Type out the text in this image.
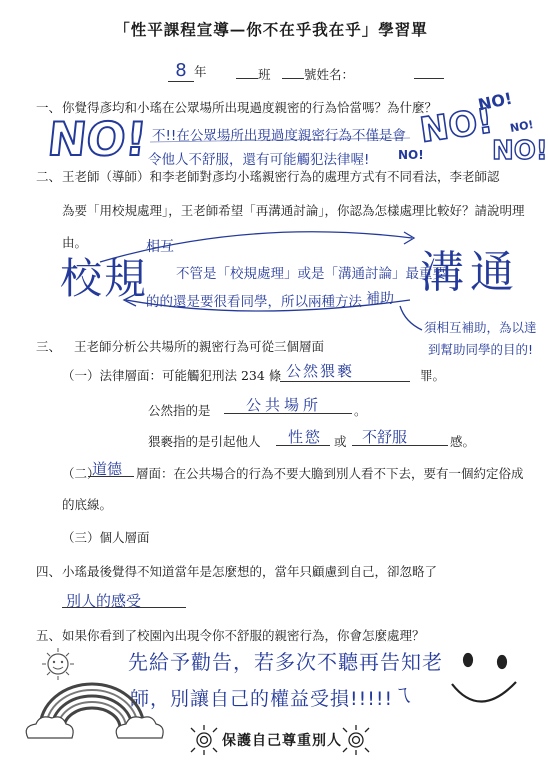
「性平課程宣導—你不在乎我在乎」學習單
8 年	班	號姓名：
一、 你覺得彥均和小瑤在公眾場所出現過度親密的行為恰當嗎？為什麼？
NO! 不!!在公眾場所出現過度親密行為不僅是會
令他人不舒服，還有可能觸犯法律喔!
NO!
NO!
NO!
NO!
NO!
二、 王老師（導師）和李老師對彥均小瑤親密行為的處理方式有不同看法，李老師認
為要「用校規處理」，王老師希望「再溝通討論」，你認為怎樣處理比較好？請說明理
由。
校規	溝通
相互
不管是「校規處理」或是「溝通討論」最重要
的的還是要很看同學，所以兩種方法 補助
須相互補助，為以達
到幫助同學的目的!
三、 王老師分析公共場所的親密行為可從三個層面
（一）法律層面：可能觸犯刑法 234 條 公然猥褻	罪。
公然指的是 公共場所	。
猥褻指的是引起他人 性慾 或 不舒服	感。
（二）
道德 層面：在公共場合的行為不要大膽到別人看不下去，要有一個約定俗成
的底線。
（三）個人層面
四、 小瑤最後覺得不知道當年是怎麼想的，當年只顧慮到自己，卻忽略了
別人的感受
五、 如果你看到了校園內出現令你不舒服的親密行為，你會怎麼處理？
先給予勸告，若多次不聽再告知老
師，別讓自己的權益受損!!!!!
ㄟ
保護自己尊重別人
